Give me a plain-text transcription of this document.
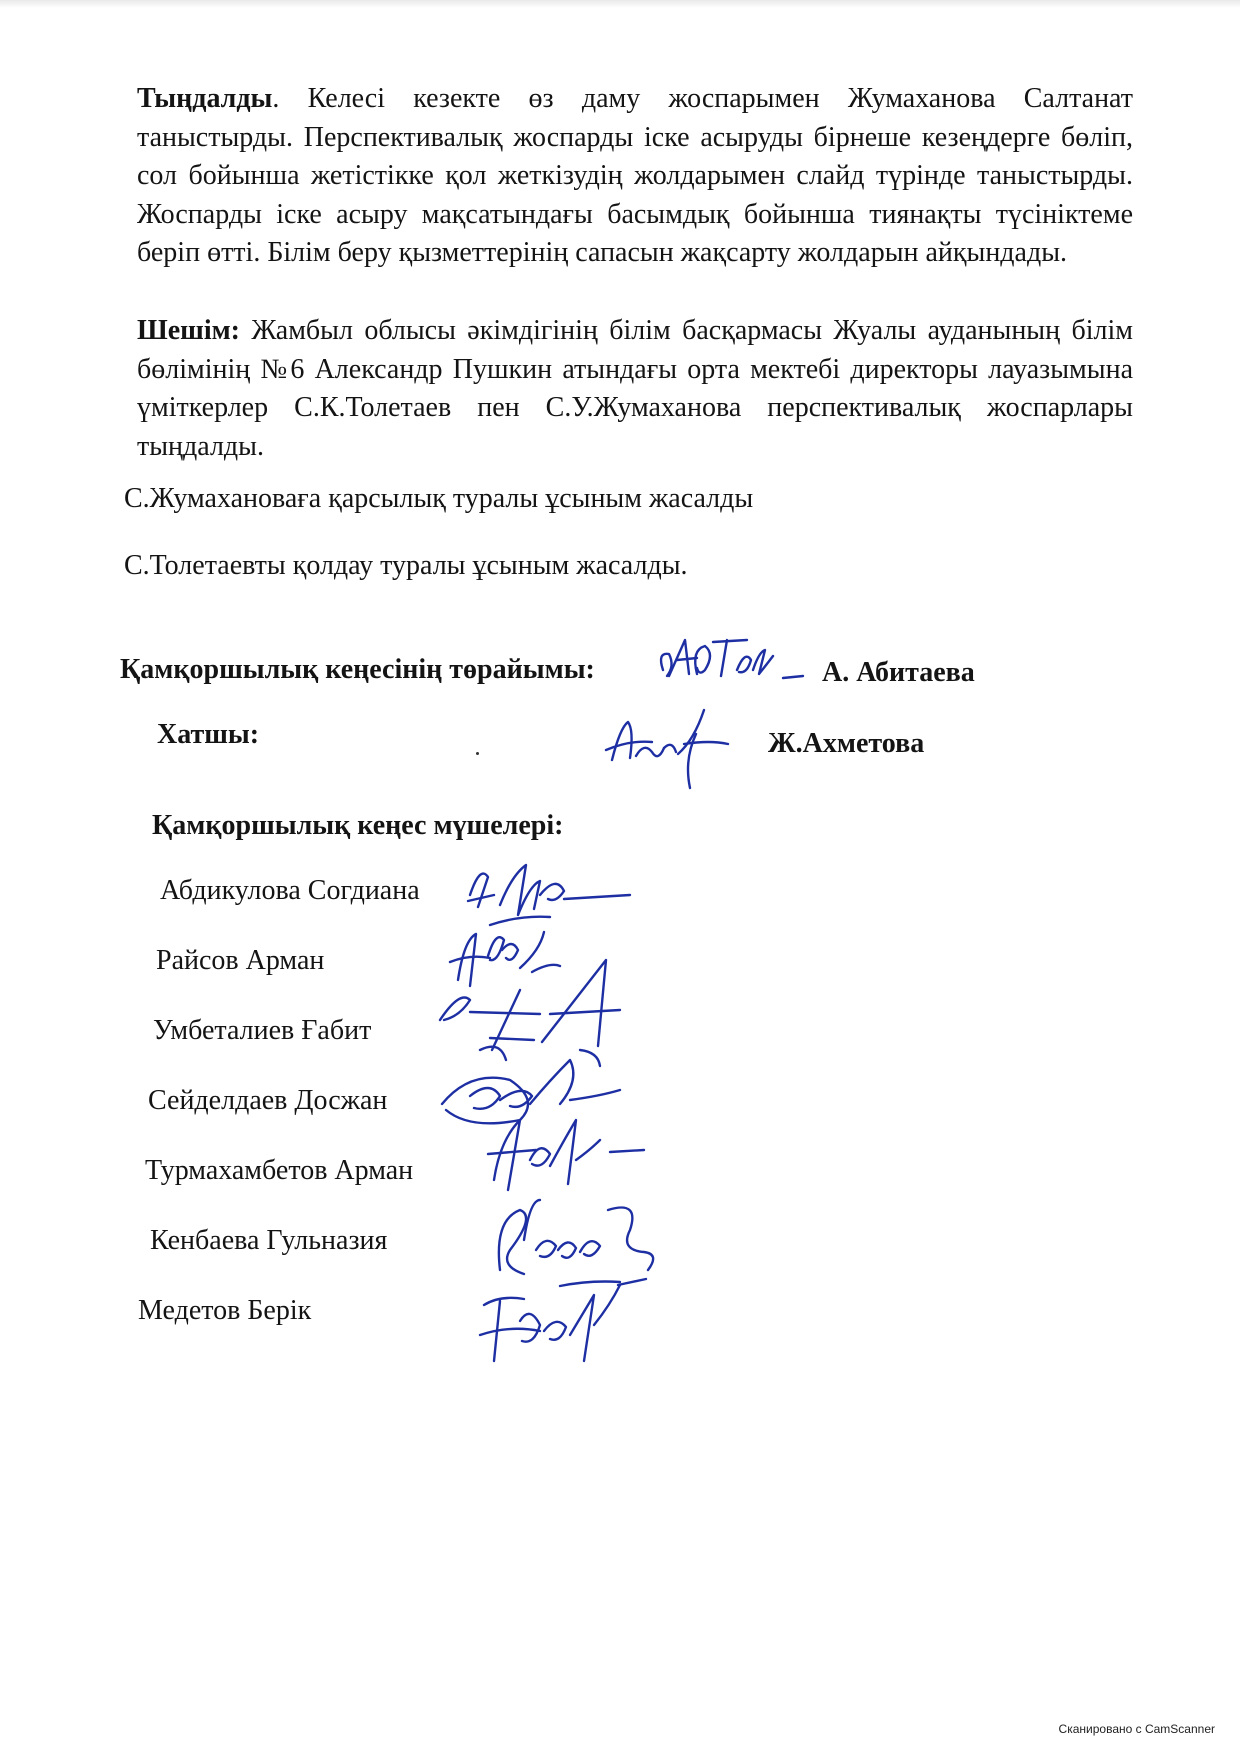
Тыңдалды. Келесі кезекте өз даму жоспарымен Жумаханова Салтанат таныстырды. Перспективалық жоспарды іске асыруды бірнеше кезеңдерге бөліп, сол бойынша жетістікке қол жеткізудің жолдарымен слайд түрінде таныстырды. Жоспарды іске асыру мақсатындағы басымдық бойынша тиянақты түсініктеме беріп өтті. Білім беру қызметтерінің сапасын жақсарту жолдарын айқындады.
Шешім: Жамбыл облысы әкімдігінің білім басқармасы Жуалы ауданының білім бөлімінің №6 Александр Пушкин атындағы орта мектебі директоры лауазымына үміткерлер С.К.Толетаев пен С.У.Жумаханова перспективалық жоспарлары тыңдалды.
С.Жумахановаға қарсылық туралы ұсыным жасалды
С.Толетаевты қолдау туралы ұсыным жасалды.
Қамқоршылық кеңесінің төрайымы:	А. Абитаева
Хатшы:	Ж.Ахметова
Қамқоршылық кеңес мүшелері:
Абдикулова Согдиана
Райсов Арман
Умбеталиев Ғабит
Сейделдаев Досжан
Турмахамбетов Арман
Кенбаева Гульназия
Медетов Берік
Сканировано с CamScanner
